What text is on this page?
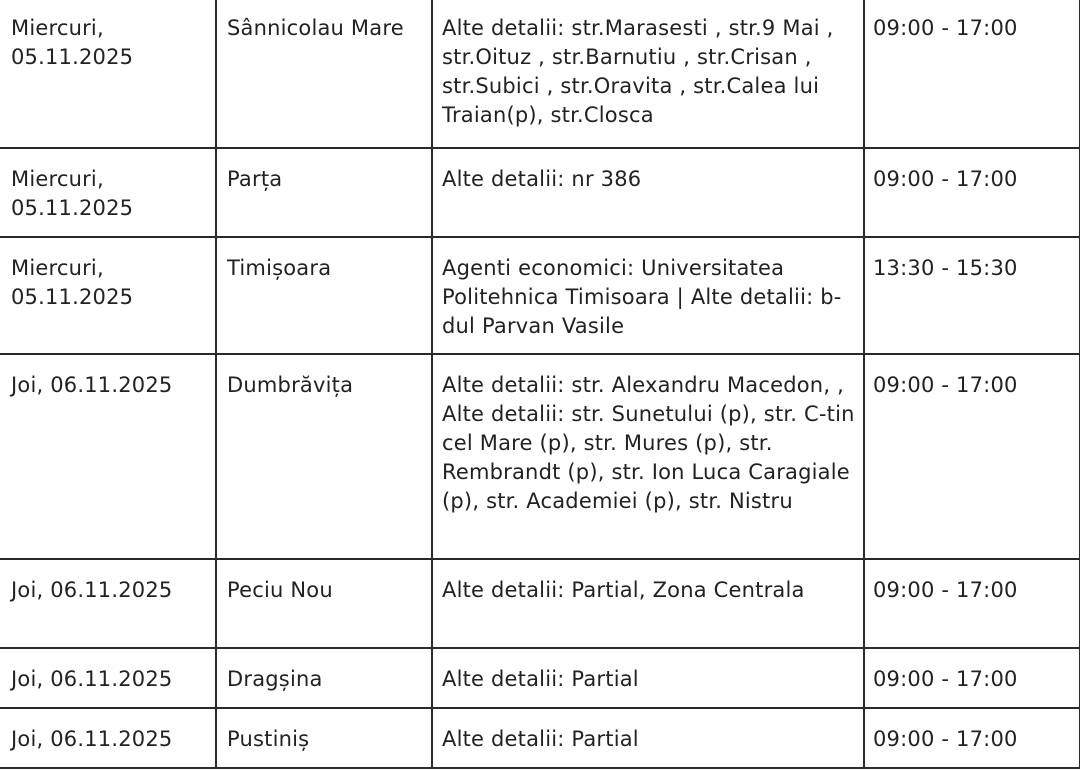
Miercuri, 05.11.2025	Sânnicolau Mare	Alte detalii: str.Marasesti , str.9 Mai , str.Oituz , str.Barnutiu , str.Crisan , str.Subici , str.Oravita , str.Calea lui Traian(p), str.Closca	09:00 - 17:00
Miercuri, 05.11.2025	Parța	Alte detalii: nr 386	09:00 - 17:00
Miercuri, 05.11.2025	Timișoara	Agenti economici: Universitatea Politehnica Timisoara | Alte detalii: b-dul Parvan Vasile	13:30 - 15:30
Joi, 06.11.2025	Dumbrăvița	Alte detalii: str. Alexandru Macedon, , Alte detalii: str. Sunetului (p), str. C-tin cel Mare (p), str. Mures (p), str. Rembrandt (p), str. Ion Luca Caragiale (p), str. Academiei (p), str. Nistru	09:00 - 17:00
Joi, 06.11.2025	Peciu Nou	Alte detalii: Partial, Zona Centrala	09:00 - 17:00
Joi, 06.11.2025	Dragșina	Alte detalii: Partial	09:00 - 17:00
Joi, 06.11.2025	Pustiniș	Alte detalii: Partial	09:00 - 17:00
